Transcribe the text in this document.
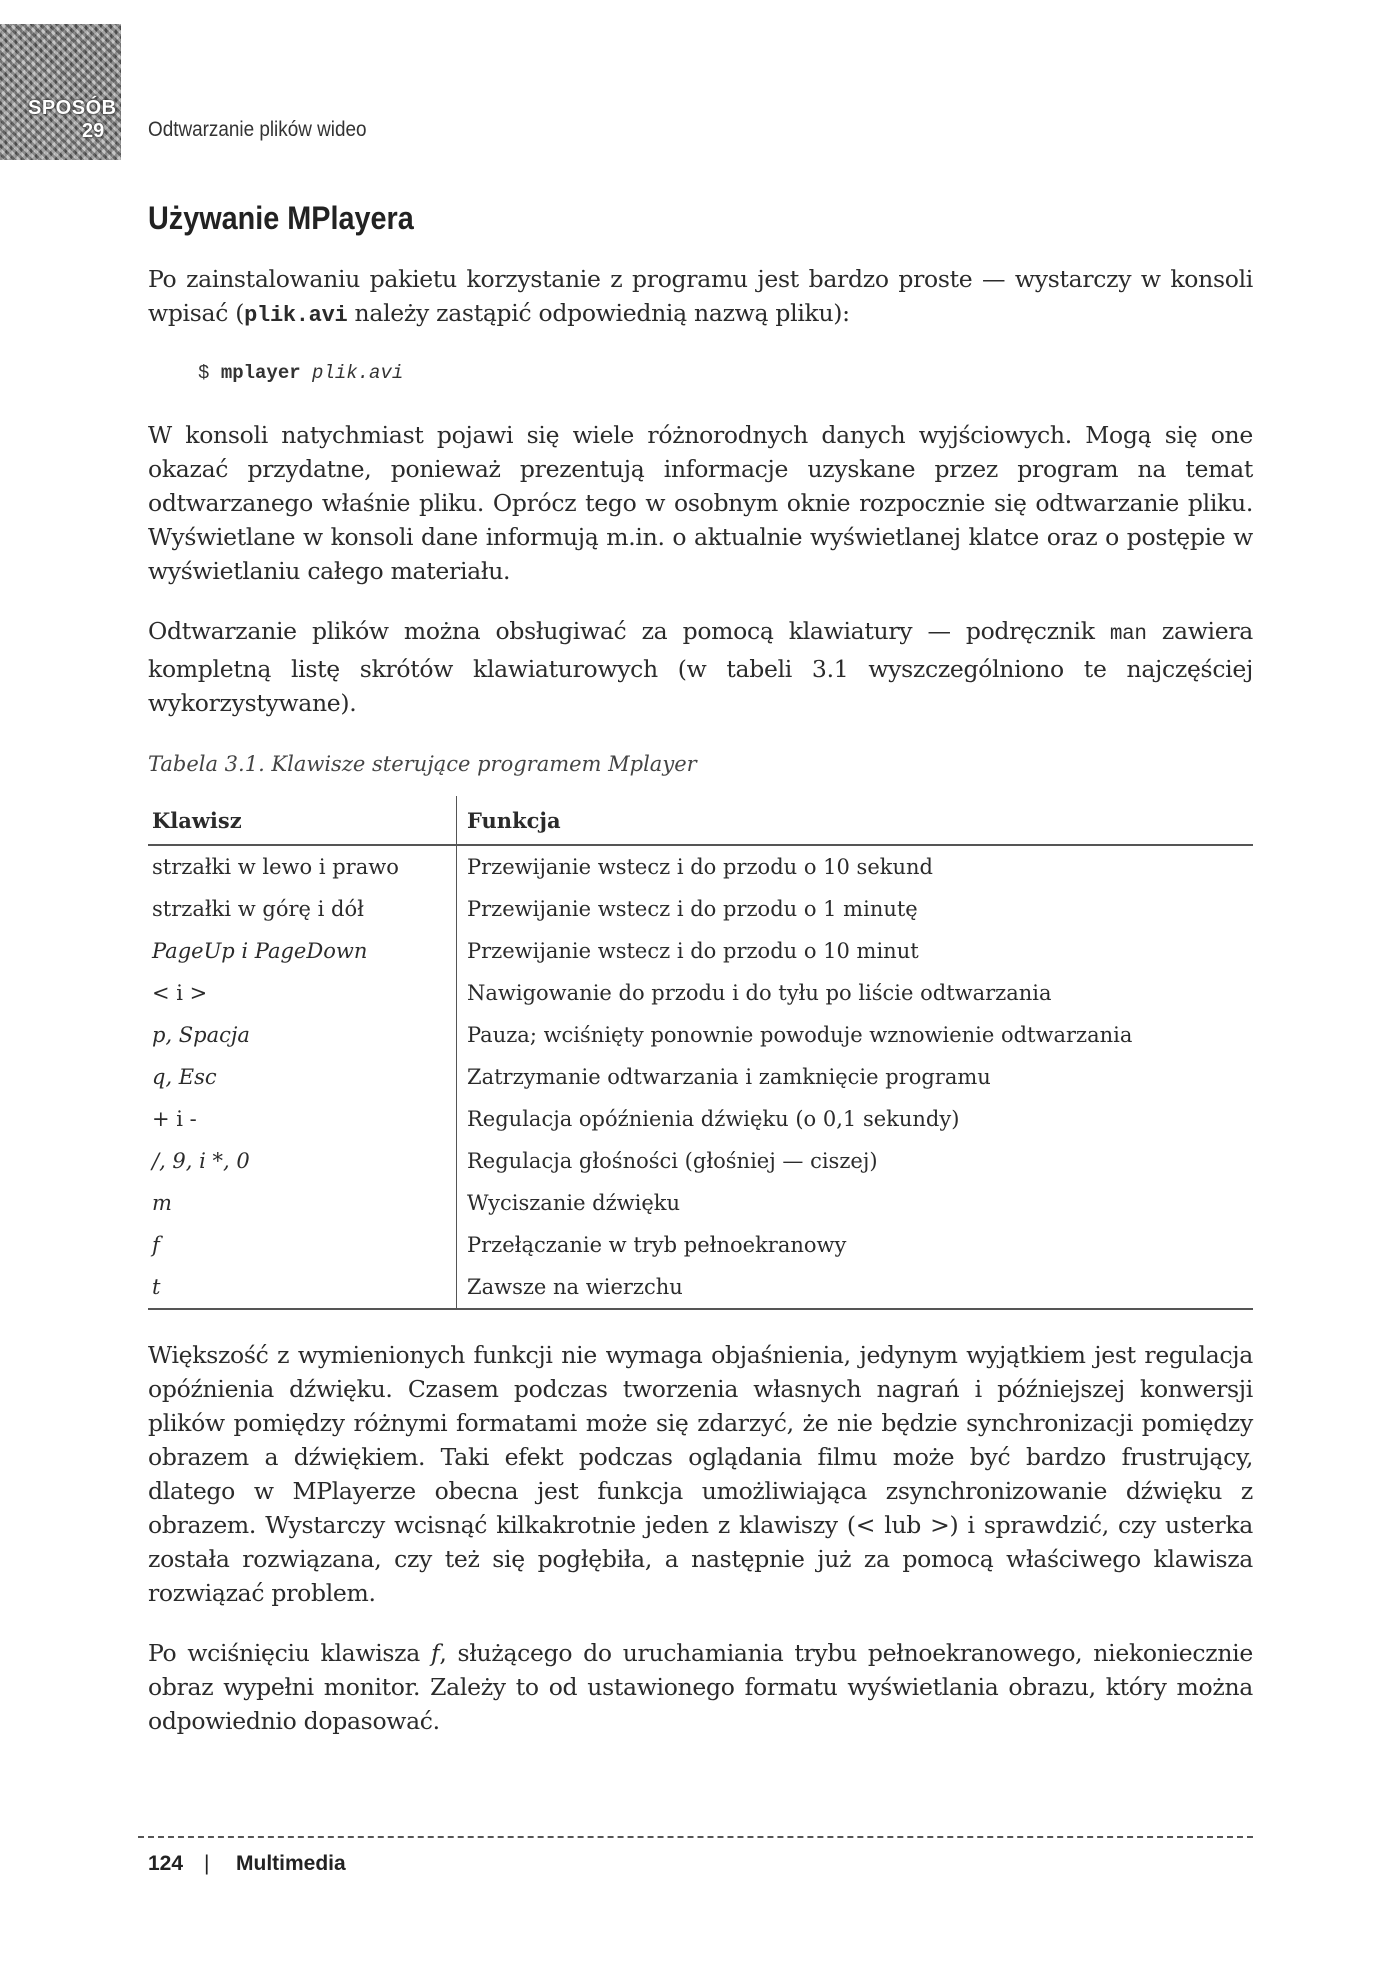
SPOSÓB
29 Odtwarzanie plików wideo
Używanie MPlayera

Po zainstalowaniu pakietu korzystanie z programu jest bardzo proste — wystarczy w konsoli wpisać (plik.avi należy zastąpić odpowiednią nazwą pliku):

$ mplayer plik.avi

W konsoli natychmiast pojawi się wiele różnorodnych danych wyjściowych. Mogą się one okazać przydatne, ponieważ prezentują informacje uzyskane przez program na temat odtwarzanego właśnie pliku. Oprócz tego w osobnym oknie rozpocznie się odtwarzanie pliku. Wyświetlane w konsoli dane informują m.in. o aktualnie wyświetlanej klatce oraz o postępie w wyświetlaniu całego materiału.

Odtwarzanie plików można obsługiwać za pomocą klawiatury — podręcznik man zawiera kompletną listę skrótów klawiaturowych (w tabeli 3.1 wyszczególniono te najczęściej wykorzystywane).

Tabela 3.1. Klawisze sterujące programem Mplayer

Klawisz	Funkcja
strzałki w lewo i prawo	Przewijanie wstecz i do przodu o 10 sekund
strzałki w górę i dół	Przewijanie wstecz i do przodu o 1 minutę
PageUp i PageDown	Przewijanie wstecz i do przodu o 10 minut
< i >	Nawigowanie do przodu i do tyłu po liście odtwarzania
p, Spacja	Pauza; wciśnięty ponownie powoduje wznowienie odtwarzania
q, Esc	Zatrzymanie odtwarzania i zamknięcie programu
+ i -	Regulacja opóźnienia dźwięku (o 0,1 sekundy)
/, 9, i *, 0	Regulacja głośności (głośniej — ciszej)
m	Wyciszanie dźwięku
f	Przełączanie w tryb pełnoekranowy
t	Zawsze na wierzchu

Większość z wymienionych funkcji nie wymaga objaśnienia, jedynym wyjątkiem jest regulacja opóźnienia dźwięku. Czasem podczas tworzenia własnych nagrań i późniejszej konwersji plików pomiędzy różnymi formatami może się zdarzyć, że nie będzie synchronizacji pomiędzy obrazem a dźwiękiem. Taki efekt podczas oglądania filmu może być bardzo frustrujący, dlatego w MPlayerze obecna jest funkcja umożliwiająca zsynchronizowanie dźwięku z obrazem. Wystarczy wcisnąć kilkakrotnie jeden z klawiszy (< lub >) i sprawdzić, czy usterka została rozwiązana, czy też się pogłębiła, a następnie już za pomocą właściwego klawisza rozwiązać problem.

Po wciśnięciu klawisza f, służącego do uruchamiania trybu pełnoekranowego, niekoniecznie obraz wypełni monitor. Zależy to od ustawionego formatu wyświetlania obrazu, który można odpowiednio dopasować.

124 | Multimedia
